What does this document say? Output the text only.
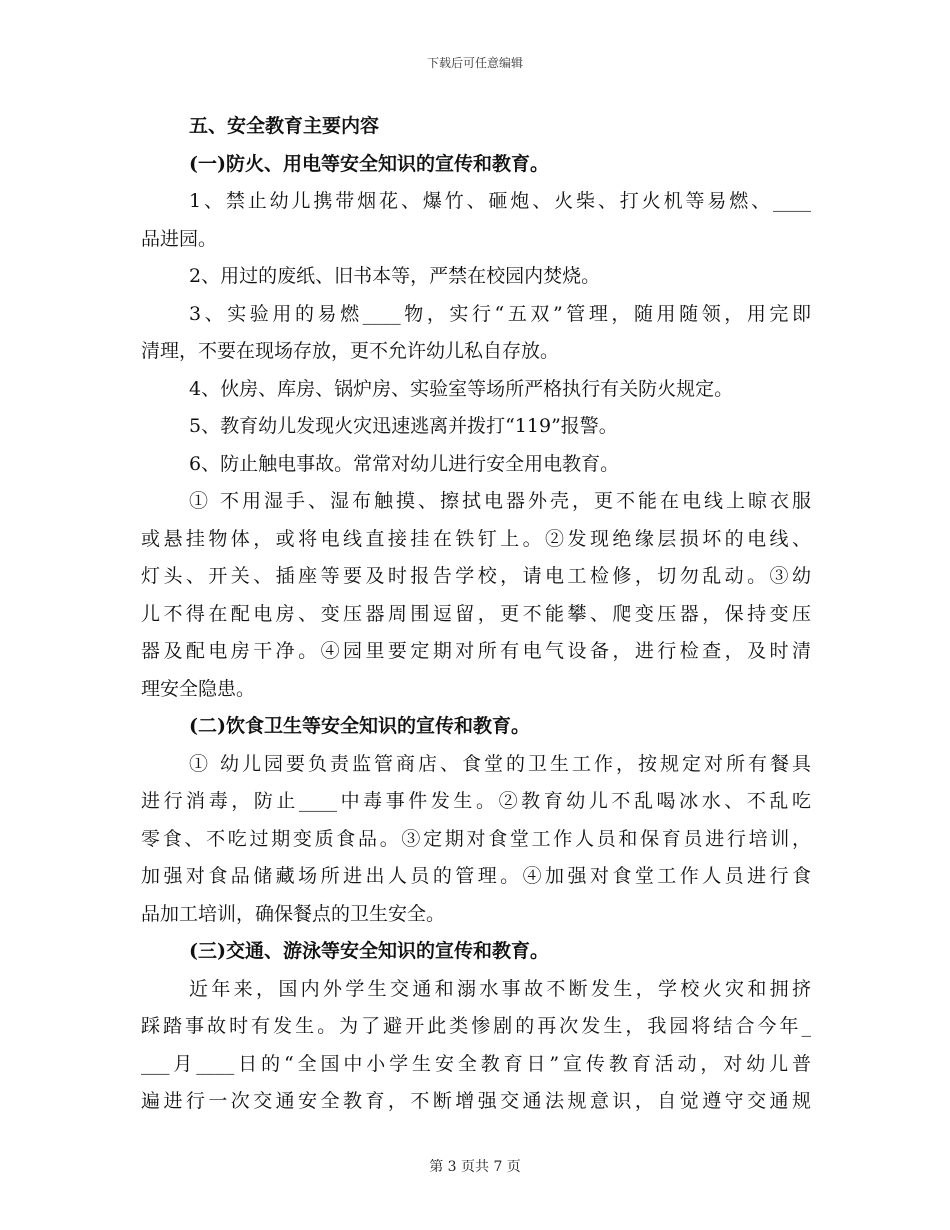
下载后可任意编辑
五、安全教育主要内容
(一)防火、用电等安全知识的宣传和教育。
1、禁止幼儿携带烟花、爆竹、砸炮、火柴、打火机等易燃、____
品进园。
2、用过的废纸、旧书本等，严禁在校园内焚烧。
3、实验用的易燃____物，实行“五双”管理，随用随领，用完即
清理，不要在现场存放，更不允许幼儿私自存放。
4、伙房、库房、锅炉房、实验室等场所严格执行有关防火规定。
5、教育幼儿发现火灾迅速逃离并拨打“119”报警。
6、防止触电事故。常常对幼儿进行安全用电教育。
① 不用湿手、湿布触摸、擦拭电器外壳，更不能在电线上晾衣服
或悬挂物体，或将电线直接挂在铁钉上。②发现绝缘层损坏的电线、
灯头、开关、插座等要及时报告学校，请电工检修，切勿乱动。③幼
儿不得在配电房、变压器周围逗留，更不能攀、爬变压器，保持变压
器及配电房干净。④园里要定期对所有电气设备，进行检查，及时清
理安全隐患。
(二)饮食卫生等安全知识的宣传和教育。
① 幼儿园要负责监管商店、食堂的卫生工作，按规定对所有餐具
进行消毒，防止____中毒事件发生。②教育幼儿不乱喝冰水、不乱吃
零食、不吃过期变质食品。③定期对食堂工作人员和保育员进行培训，
加强对食品储藏场所进出人员的管理。④加强对食堂工作人员进行食
品加工培训，确保餐点的卫生安全。
(三)交通、游泳等安全知识的宣传和教育。
近年来，国内外学生交通和溺水事故不断发生，学校火灾和拥挤
踩踏事故时有发生。为了避开此类惨剧的再次发生，我园将结合今年_
___月____日的“全国中小学生安全教育日”宣传教育活动，对幼儿普
遍进行一次交通安全教育，不断增强交通法规意识，自觉遵守交通规
第 3 页共 7 页
